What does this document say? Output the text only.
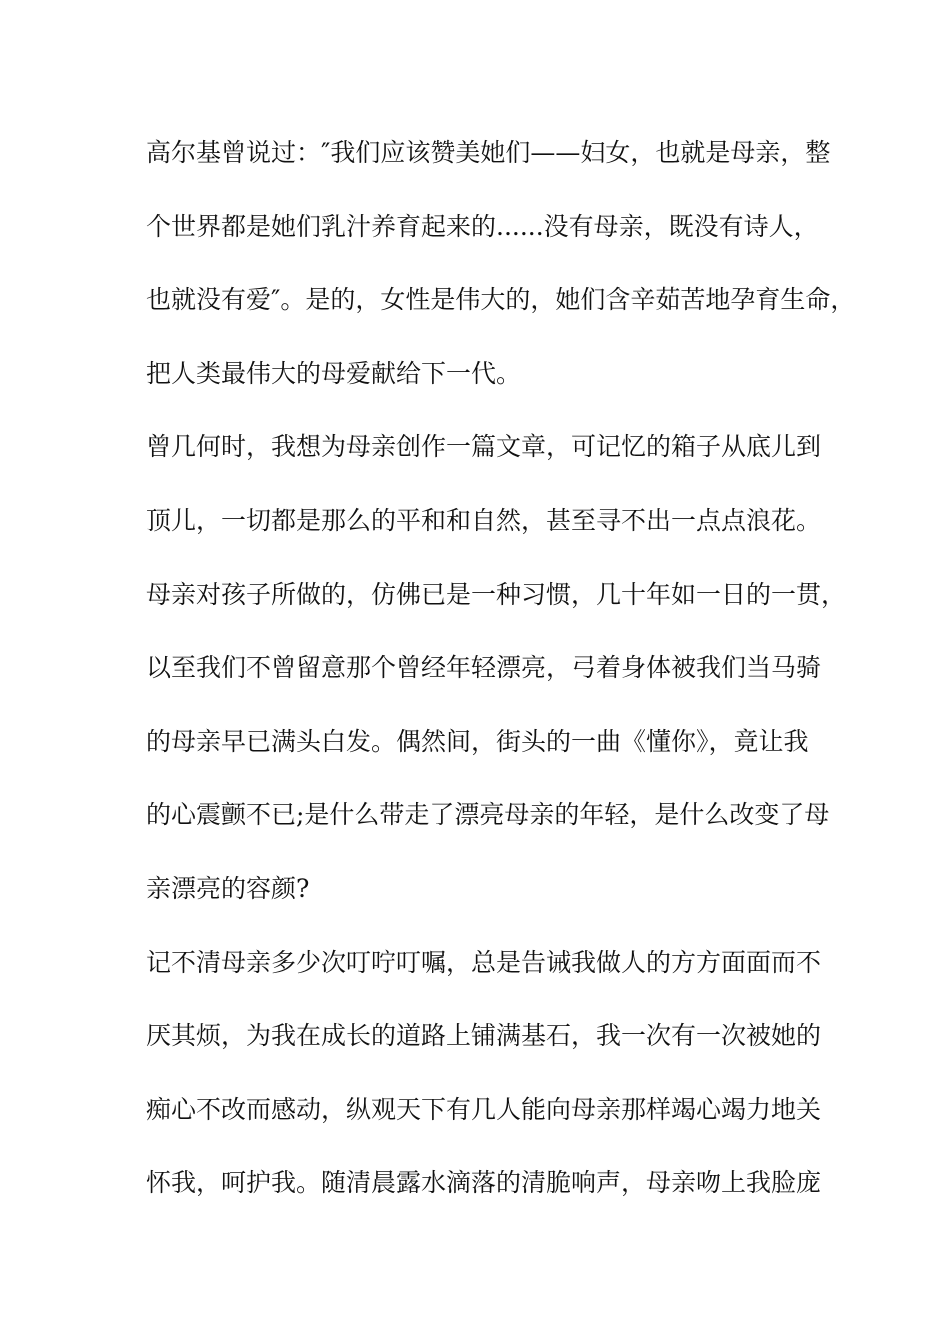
高尔基曾说过：″我们应该赞美她们——妇女，也就是母亲，整
个世界都是她们乳汁养育起来的......没有母亲，既没有诗人，
也就没有爱″。是的，女性是伟大的，她们含辛茹苦地孕育生命，
把人类最伟大的母爱献给下一代。
曾几何时，我想为母亲创作一篇文章，可记忆的箱子从底儿到
顶儿，一切都是那么的平和和自然，甚至寻不出一点点浪花。
母亲对孩子所做的，仿佛已是一种习惯，几十年如一日的一贯，
以至我们不曾留意那个曾经年轻漂亮，弓着身体被我们当马骑
的母亲早已满头白发。偶然间，街头的一曲《懂你》，竟让我
的心震颤不已;是什么带走了漂亮母亲的年轻，是什么改变了母
亲漂亮的容颜?
记不清母亲多少次叮咛叮嘱，总是告诫我做人的方方面面而不
厌其烦，为我在成长的道路上铺满基石，我一次有一次被她的
痴心不改而感动，纵观天下有几人能向母亲那样竭心竭力地关
怀我，呵护我。随清晨露水滴落的清脆响声，母亲吻上我脸庞
